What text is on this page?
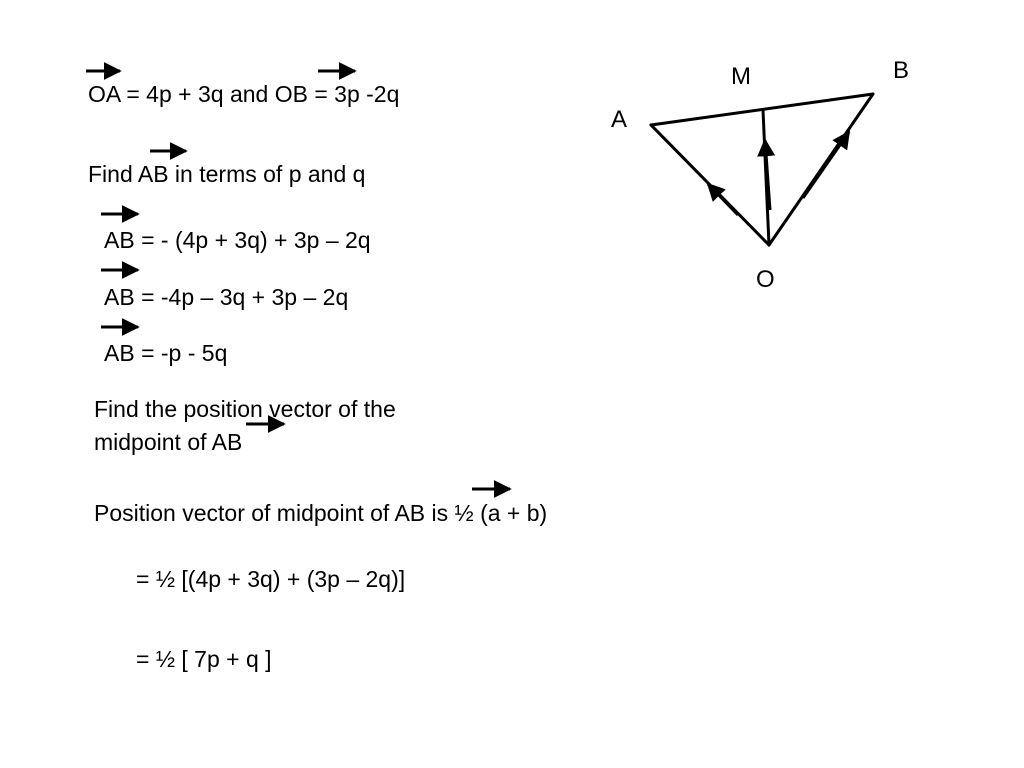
OA = 4p + 3q and OB = 3p -2q
Find AB in terms of p and q
AB = - (4p + 3q) + 3p – 2q
AB = -4p – 3q + 3p – 2q
AB = -p - 5q
Find the position vector of the
midpoint of AB
Position vector of midpoint of AB is ½ (a + b)
= ½ [(4p + 3q) + (3p – 2q)]
= ½ [ 7p + q ]
A
M	B
O
